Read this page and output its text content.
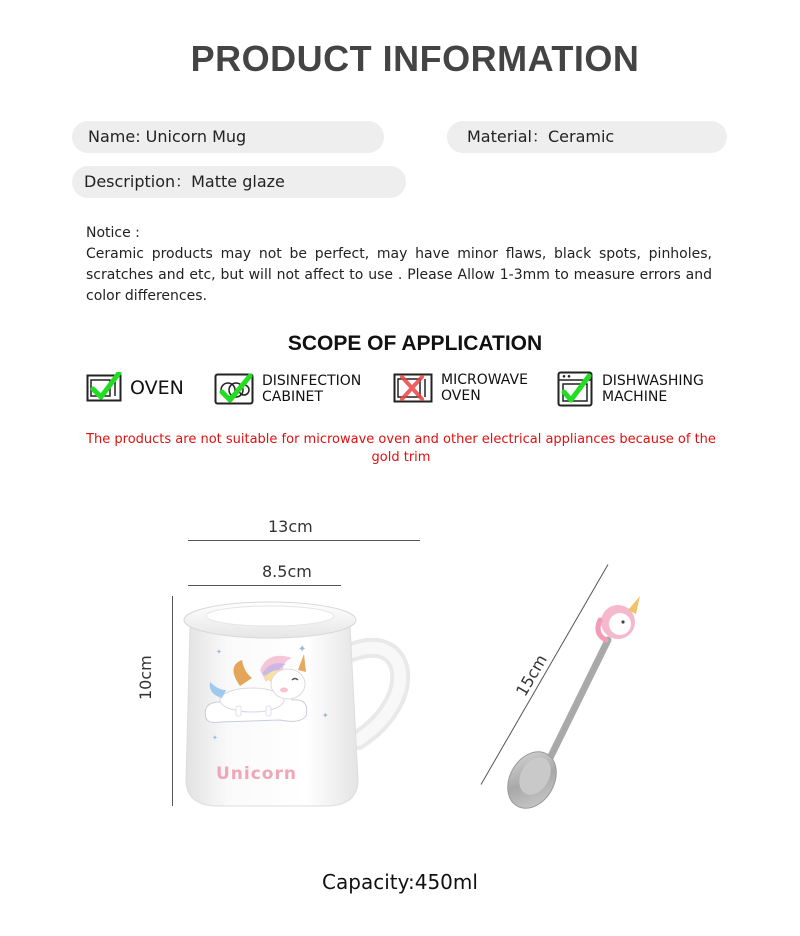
PRODUCT INFORMATION
Name: Unicorn Mug	Material：Ceramic
Description：Matte glaze
Notice :
Ceramic products may not be perfect, may have minor flaws, black spots, pinholes, scratches and etc, but will not affect to use . Please Allow 1-3mm to measure errors and color differences.
SCOPE OF APPLICATION
OVEN	DISINFECTION
CABINET
MICROWAVE
OVEN
DISHWASHING
MACHINE
The products are not suitable for microwave oven and other electrical appliances because of the gold trim
13cm
8.5cm
10cm
✦
✦
✦
✦
Unicorn
15cm
Capacity:450ml
